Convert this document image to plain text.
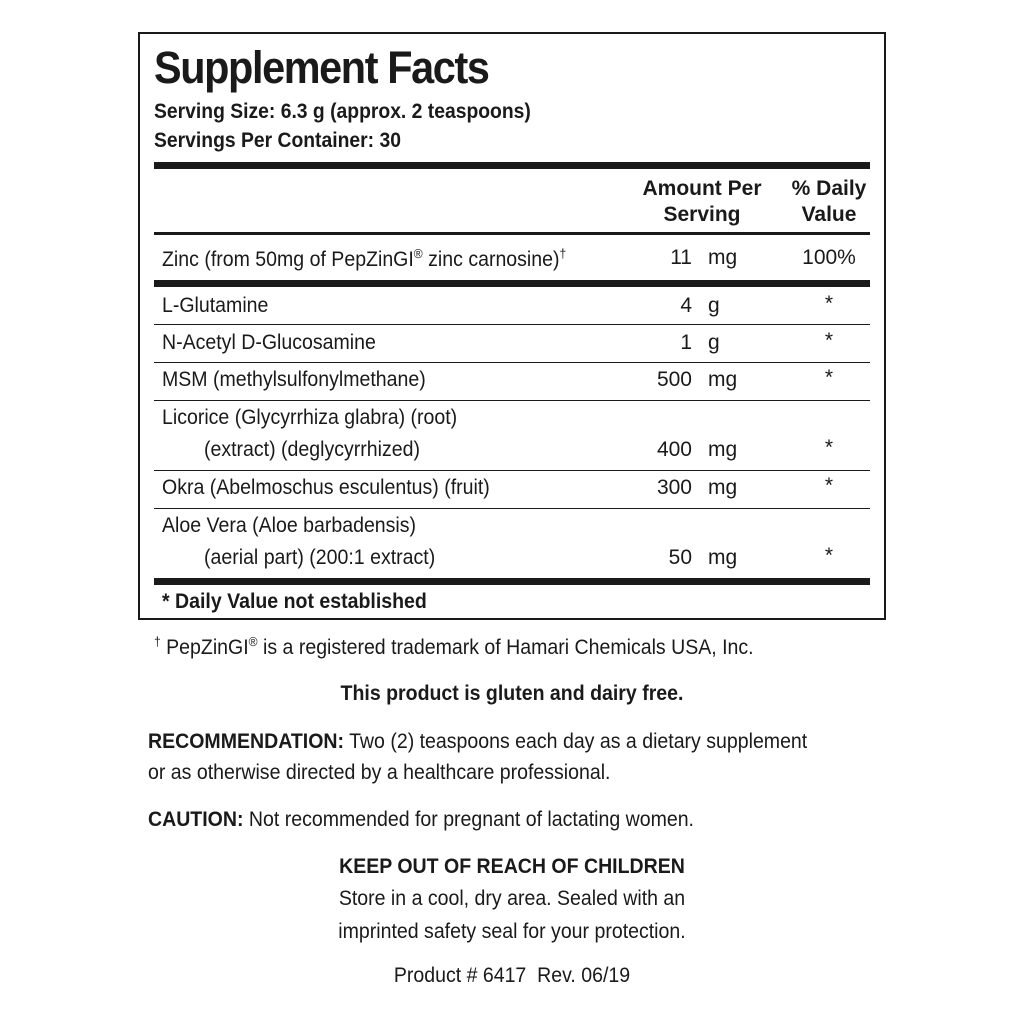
Supplement Facts
Serving Size: 6.3 g (approx. 2 teaspoons)
Servings Per Container: 30
Amount Per
Serving
% Daily
Value
Zinc (from 50mg of PepZinGI® zinc carnosine)†	11 mg	100%
L-Glutamine	4 g	*
N-Acetyl D-Glucosamine	1 g	*
MSM (methylsulfonylmethane)	500 mg	*
Licorice (Glycyrrhiza glabra) (root)
(extract) (deglycyrrhized)	400 mg	*
Okra (Abelmoschus esculentus) (fruit)	300 mg	*
Aloe Vera (Aloe barbadensis)
(aerial part) (200:1 extract)	50 mg	*
* Daily Value not established
† PepZinGI® is a registered trademark of Hamari Chemicals USA, Inc.
This product is gluten and dairy free.
RECOMMENDATION: Two (2) teaspoons each day as a dietary supplement
or as otherwise directed by a healthcare professional.
CAUTION: Not recommended for pregnant of lactating women.
KEEP OUT OF REACH OF CHILDREN
Store in a cool, dry area. Sealed with an
imprinted safety seal for your protection.
Product # 6417  Rev. 06/19
